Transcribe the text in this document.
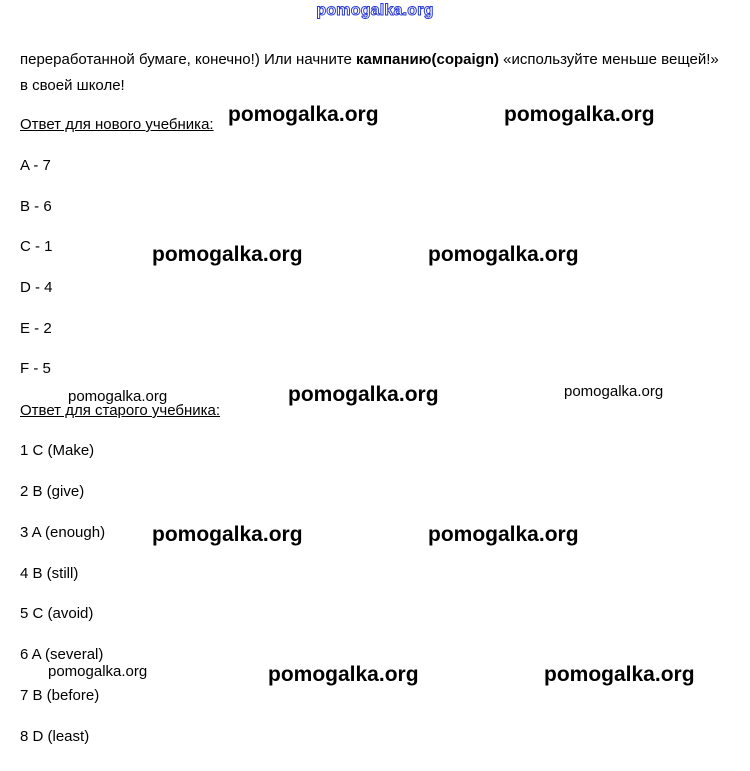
pomogalka.org
переработанной бумаге, конечно!) Или начните кампанию(copaign) «используйте меньше вещей!» в своей школе!
Ответ для нового учебника:
A - 7
B - 6
C - 1
D - 4
E - 2
F - 5
Ответ для старого учебника:
1 C (Make)
2 B (give)
3 A (enough)
4 B (still)
5 C (avoid)
6 A (several)
7 B (before)
8 D (least)
pomogalka.org	pomogalka.org
pomogalka.org	pomogalka.org
pomogalka.org	pomogalka.org	pomogalka.org
pomogalka.org	pomogalka.org
pomogalka.org	pomogalka.org	pomogalka.org
